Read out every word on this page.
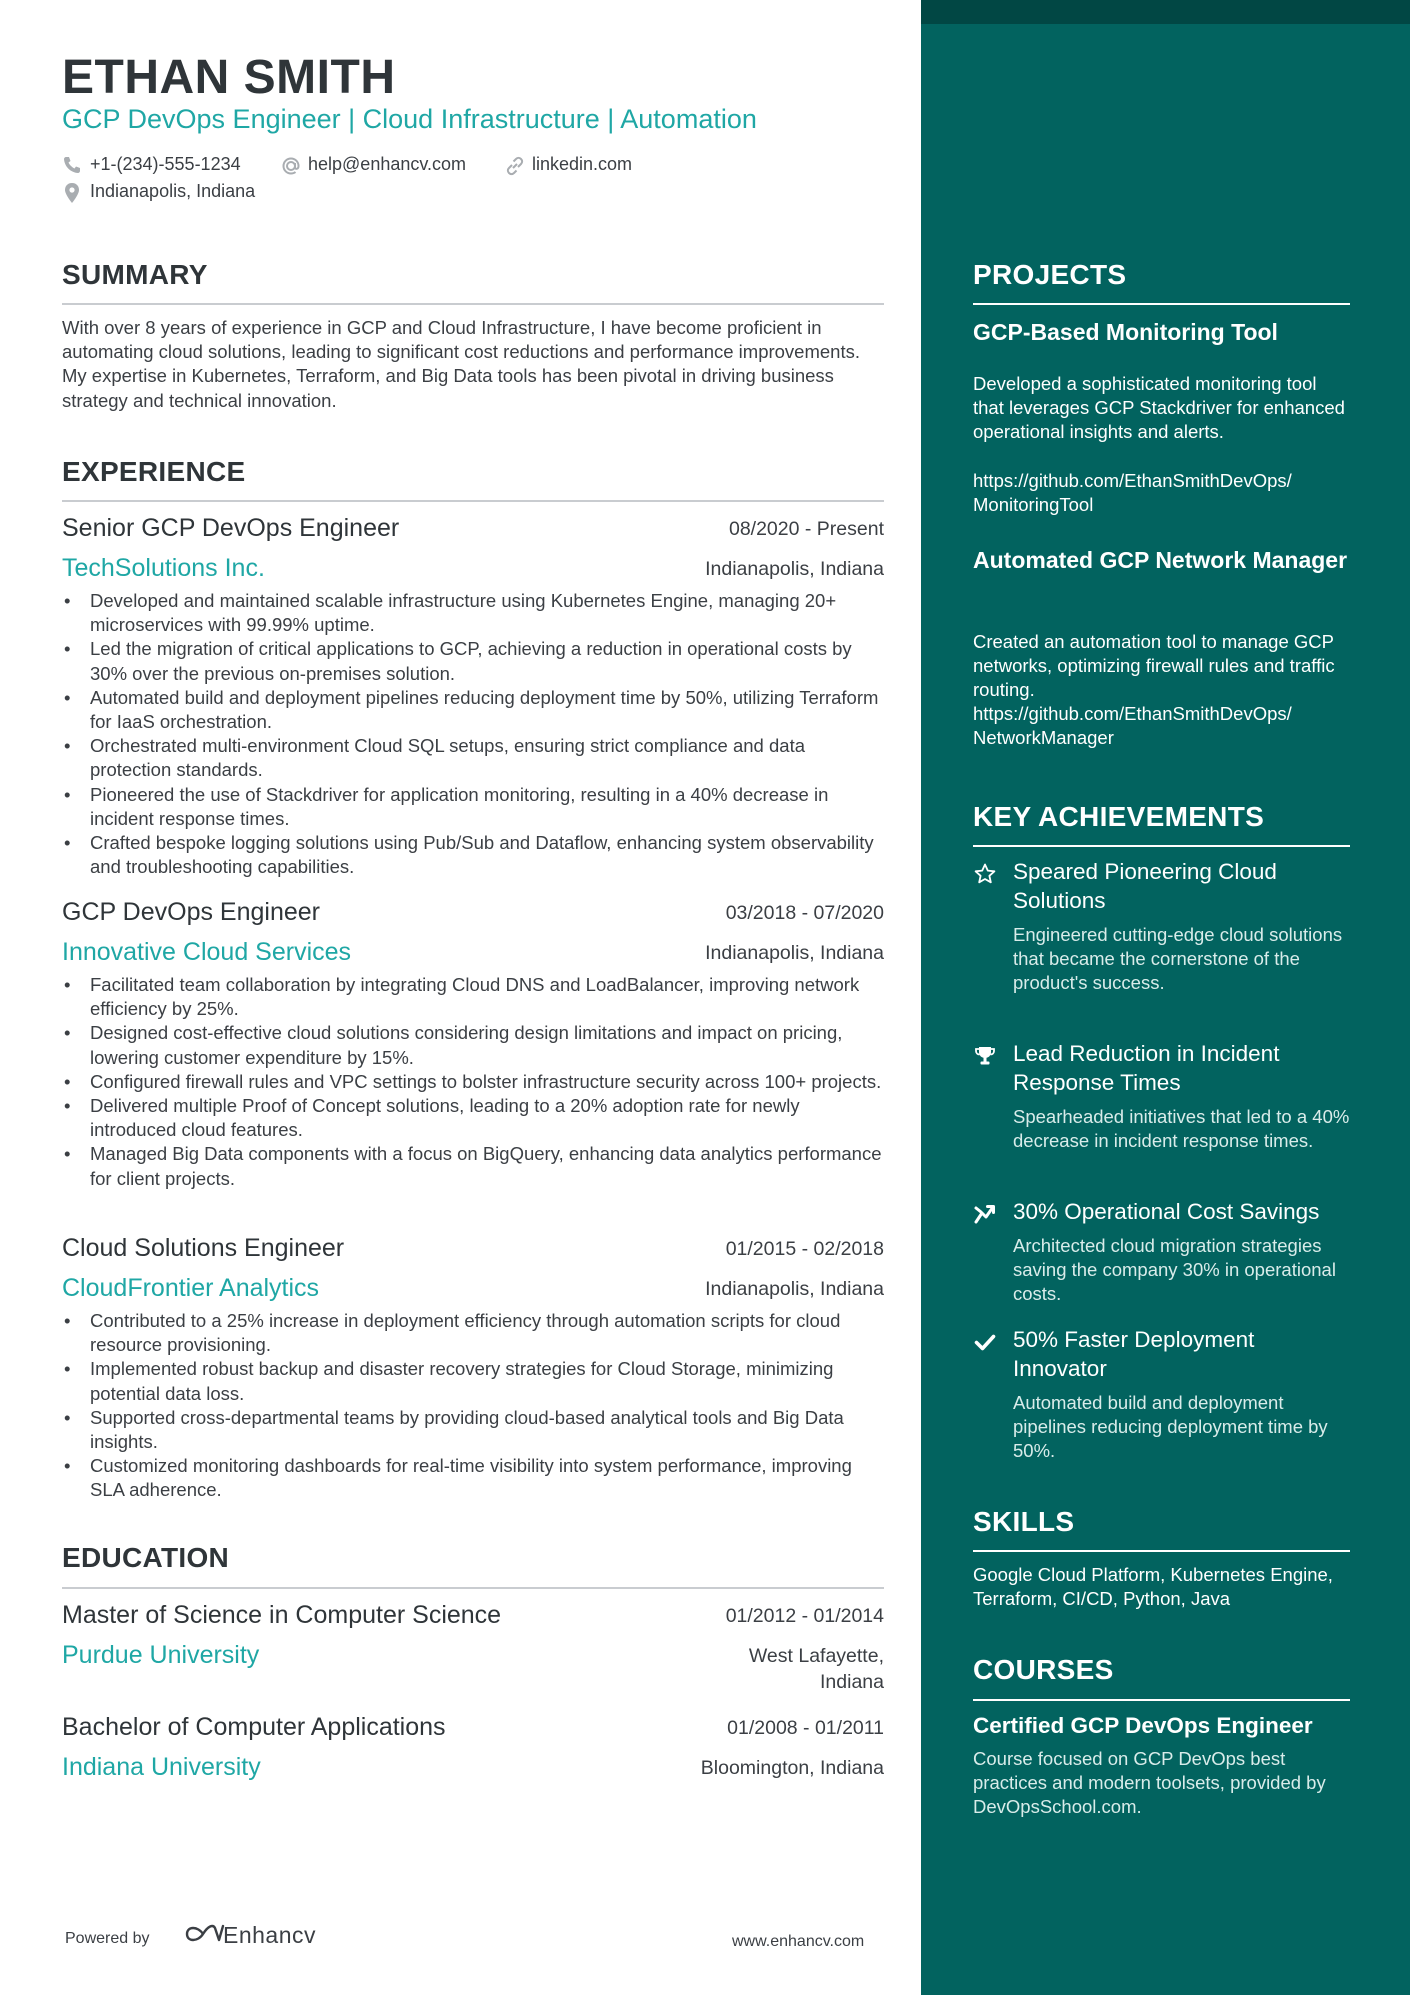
ETHAN SMITH
GCP DevOps Engineer | Cloud Infrastructure | Automation
+1-(234)-555-1234	help@enhancv.com	linkedin.com
Indianapolis, Indiana
SUMMARY

With over 8 years of experience in GCP and Cloud Infrastructure, I have become proficient in automating cloud solutions, leading to significant cost reductions and performance improvements. My expertise in Kubernetes, Terraform, and Big Data tools has been pivotal in driving business strategy and technical innovation.

EXPERIENCE
Senior GCP DevOps Engineer	08/2020 - Present
TechSolutions Inc.	Indianapolis, Indiana
• Developed and maintained scalable infrastructure using Kubernetes Engine, managing 20+ microservices with 99.99% uptime.
• Led the migration of critical applications to GCP, achieving a reduction in operational costs by 30% over the previous on-premises solution.
• Automated build and deployment pipelines reducing deployment time by 50%, utilizing Terraform for IaaS orchestration.
• Orchestrated multi-environment Cloud SQL setups, ensuring strict compliance and data protection standards.
• Pioneered the use of Stackdriver for application monitoring, resulting in a 40% decrease in incident response times.
• Crafted bespoke logging solutions using Pub/Sub and Dataflow, enhancing system observability and troubleshooting capabilities.
GCP DevOps Engineer	03/2018 - 07/2020
Innovative Cloud Services	Indianapolis, Indiana
• Facilitated team collaboration by integrating Cloud DNS and LoadBalancer, improving network efficiency by 25%.
• Designed cost-effective cloud solutions considering design limitations and impact on pricing, lowering customer expenditure by 15%.
• Configured firewall rules and VPC settings to bolster infrastructure security across 100+ projects.
• Delivered multiple Proof of Concept solutions, leading to a 20% adoption rate for newly introduced cloud features.
• Managed Big Data components with a focus on BigQuery, enhancing data analytics performance for client projects.
Cloud Solutions Engineer	01/2015 - 02/2018
CloudFrontier Analytics	Indianapolis, Indiana
• Contributed to a 25% increase in deployment efficiency through automation scripts for cloud resource provisioning.
• Implemented robust backup and disaster recovery strategies for Cloud Storage, minimizing potential data loss.
• Supported cross-departmental teams by providing cloud-based analytical tools and Big Data insights.
• Customized monitoring dashboards for real-time visibility into system performance, improving SLA adherence.
EDUCATION
Master of Science in Computer Science	01/2012 - 01/2014
Purdue University	West Lafayette, Indiana
Bachelor of Computer Applications	01/2008 - 01/2011
Indiana University	Bloomington, Indiana
Powered by	Enhancv	www.enhancv.com
PROJECTS
GCP-Based Monitoring Tool

Developed a sophisticated monitoring tool that leverages GCP Stackdriver for enhanced operational insights and alerts.

https://github.com/EthanSmithDevOps/

MonitoringTool

Automated GCP Network Manager

Created an automation tool to manage GCP networks, optimizing firewall rules and traffic routing.

https://github.com/EthanSmithDevOps/

NetworkManager

KEY ACHIEVEMENTS
Speared Pioneering Cloud Solutions

Engineered cutting-edge cloud solutions that became the cornerstone of the product's success.

Lead Reduction in Incident Response Times

Spearheaded initiatives that led to a 40% decrease in incident response times.

30% Operational Cost Savings

Architected cloud migration strategies saving the company 30% in operational costs.

50% Faster Deployment Innovator

Automated build and deployment pipelines reducing deployment time by 50%.

SKILLS

Google Cloud Platform, Kubernetes Engine, Terraform, CI/CD, Python, Java

COURSES
Certified GCP DevOps Engineer

Course focused on GCP DevOps best practices and modern toolsets, provided by DevOpsSchool.com.
